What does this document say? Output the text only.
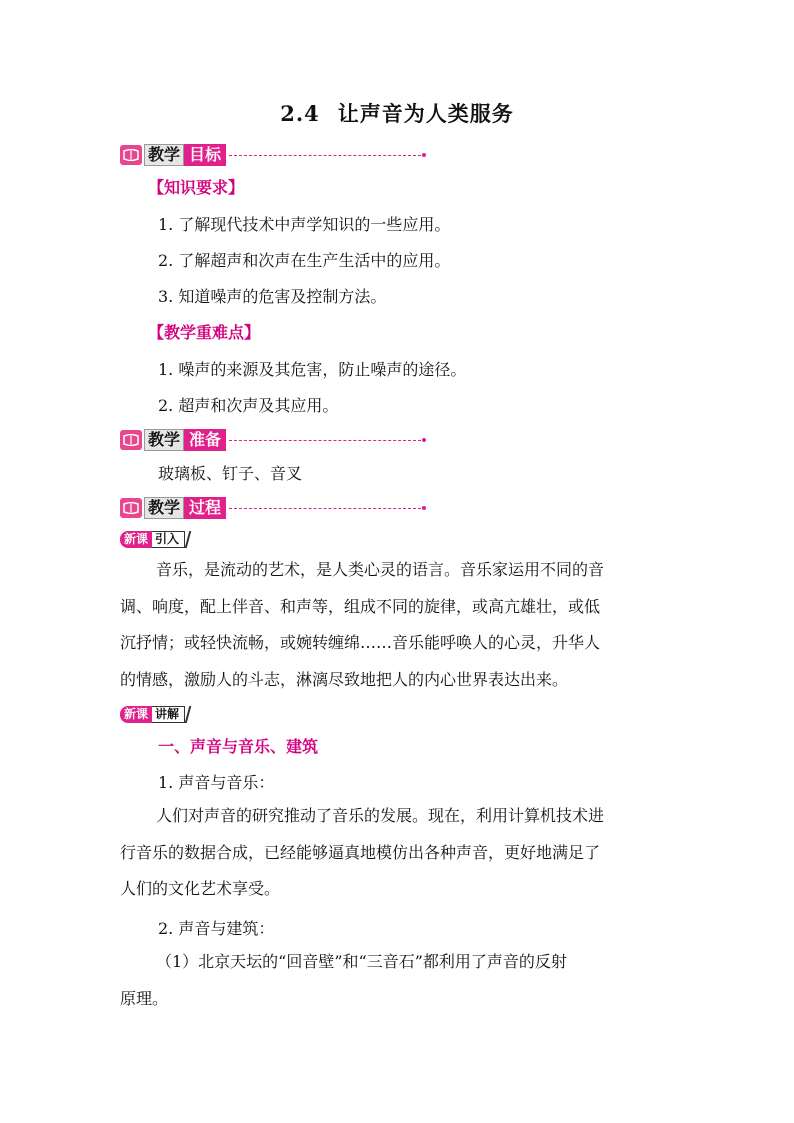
2.4 让声音为人类服务
教学 目标
【知识要求】
1. 了解现代技术中声学知识的一些应用。
2. 了解超声和次声在生产生活中的应用。
3. 知道噪声的危害及控制方法。
【教学重难点】
1. 噪声的来源及其危害，防止噪声的途径。
2. 超声和次声及其应用。
教学 准备
玻璃板、钉子、音叉
教学 过程
新课 引入
音乐，是流动的艺术，是人类心灵的语言。音乐家运用不同的音
调、响度，配上伴音、和声等，组成不同的旋律，或高亢雄壮，或低
沉抒情；或轻快流畅，或婉转缠绵……音乐能呼唤人的心灵，升华人
的情感，激励人的斗志，淋漓尽致地把人的内心世界表达出来。
新课 讲解
一、声音与音乐、建筑
1. 声音与音乐：
人们对声音的研究推动了音乐的发展。现在，利用计算机技术进
行音乐的数据合成，已经能够逼真地模仿出各种声音，更好地满足了
人们的文化艺术享受。
2. 声音与建筑：
（1）北京天坛的“回音壁”和“三音石”都利用了声音的反射
原理。
